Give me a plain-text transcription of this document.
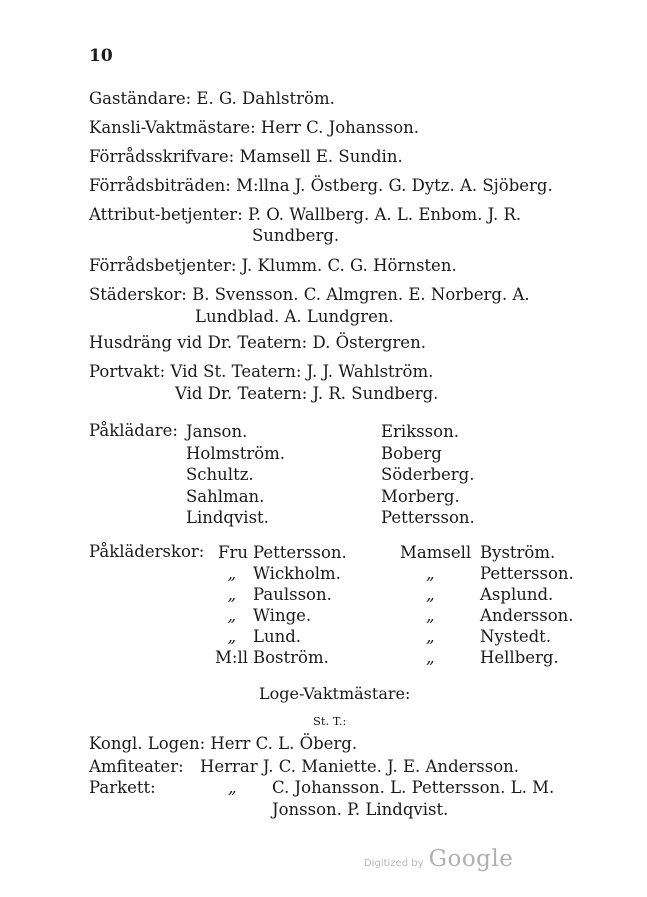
10
Gaständare: E. G. Dahlström.
Kansli-Vaktmästare: Herr C. Johansson.
Förrådsskrifvare: Mamsell E. Sundin.
Förrådsbiträden: M:llna J. Östberg. G. Dytz. A. Sjöberg.
Attribut-betjenter: P. O. Wallberg. A. L. Enbom. J. R.
Sundberg.
Förrådsbetjenter: J. Klumm. C. G. Hörnsten.
Städerskor: B. Svensson. C. Almgren. E. Norberg. A.
Lundblad. A. Lundgren.
Husdräng vid Dr. Teatern: D. Östergren.
Portvakt: Vid St. Teatern: J. J. Wahlström.
Vid Dr. Teatern: J. R. Sundberg.
Påklädare: Janson.
Holmström.
Schultz.
Sahlman.
Lindqvist.
Eriksson.
Boberg
Söderberg.
Morberg.
Pettersson.
Påkläderskor: Fru
„
„
„
„
M:ll
Pettersson.
Wickholm.
Paulsson.
Winge.
Lund.
Boström.
Mamsell
„
„
„
„
„
Byström.
Pettersson.
Asplund.
Andersson.
Nystedt.
Hellberg.
Loge-Vaktmästare:
St. T.:
Kongl. Logen: Herr C. L. Öberg.
Amfiteater: Herrar J. C. Maniette. J. E. Andersson.
Parkett:	„ C. Johansson. L. Pettersson. L. M.
Jonsson. P. Lindqvist.
Digitized by Google
